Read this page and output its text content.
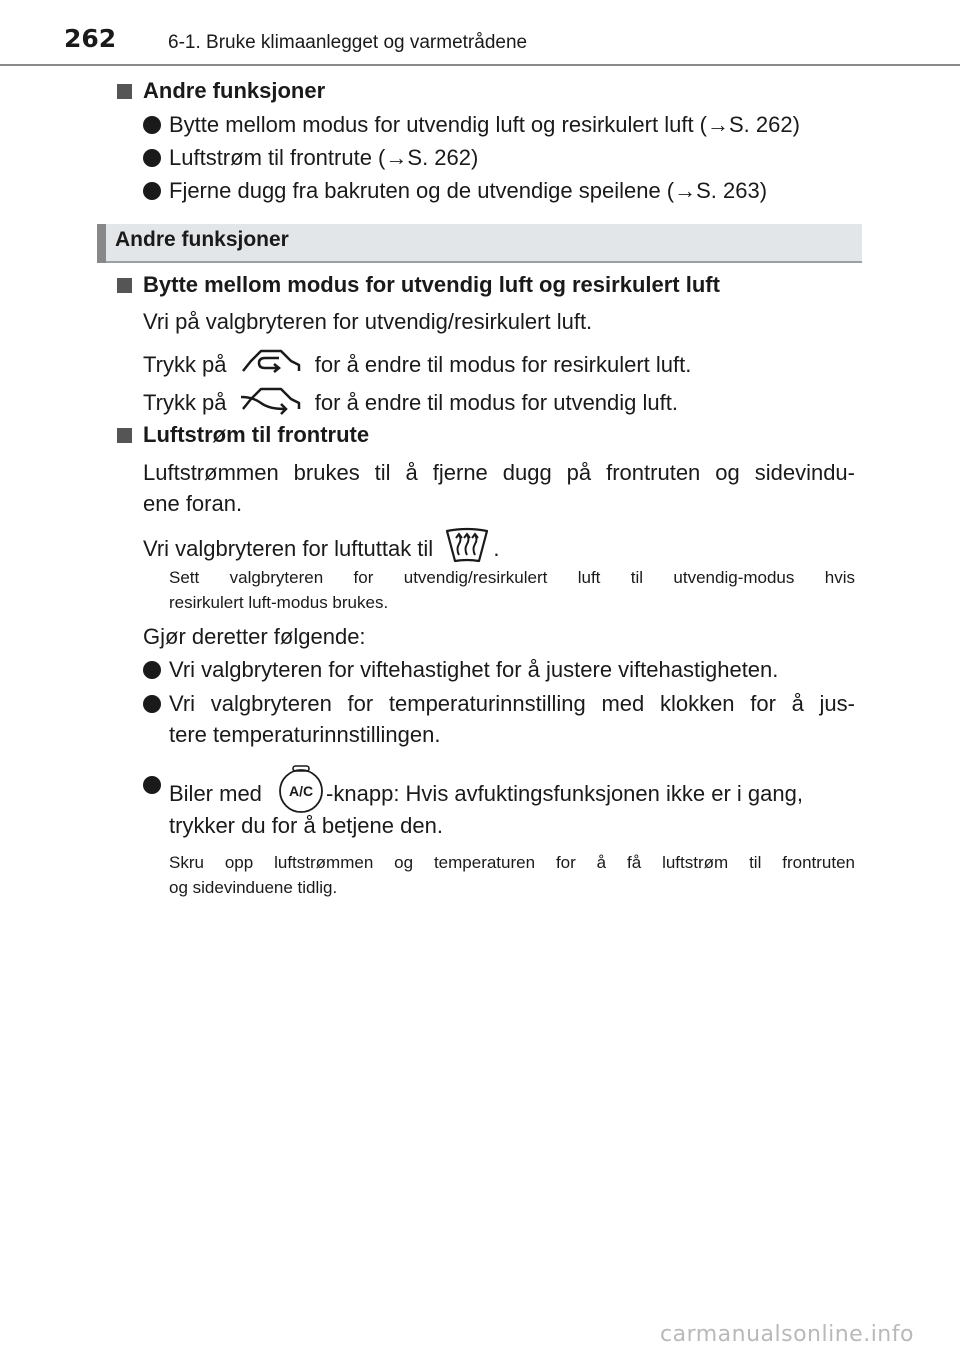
262	6-1. Bruke klimaanlegget og varmetrådene
Andre funksjoner
Bytte mellom modus for utvendig luft og resirkulert luft (→S. 262)
Luftstrøm til frontrute (→S. 262)
Fjerne dugg fra bakruten og de utvendige speilene (→S. 263)
Andre funksjoner
Bytte mellom modus for utvendig luft og resirkulert luft
Vri på valgbryteren for utvendig/resirkulert luft.
Trykk på	for å endre til modus for resirkulert luft.
Trykk på	for å endre til modus for utvendig luft.
Luftstrøm til frontrute
Luftstrømmen brukes til å fjerne dugg på frontruten og sidevindu-
ene foran.
Vri valgbryteren for luftuttak til	.
Sett valgbryteren for utvendig/resirkulert luft til utvendig-modus hvis
resirkulert luft-modus brukes.
Gjør deretter følgende:
Vri valgbryteren for viftehastighet for å justere viftehastigheten.
Vri valgbryteren for temperaturinnstilling med klokken for å jus-
tere temperaturinnstillingen.
Biler med	A/C -knapp: Hvis avfuktingsfunksjonen ikke er i gang,
trykker du for å betjene den.
Skru opp luftstrømmen og temperaturen for å få luftstrøm til frontruten
og sidevinduene tidlig.
carmanualsonline.info
